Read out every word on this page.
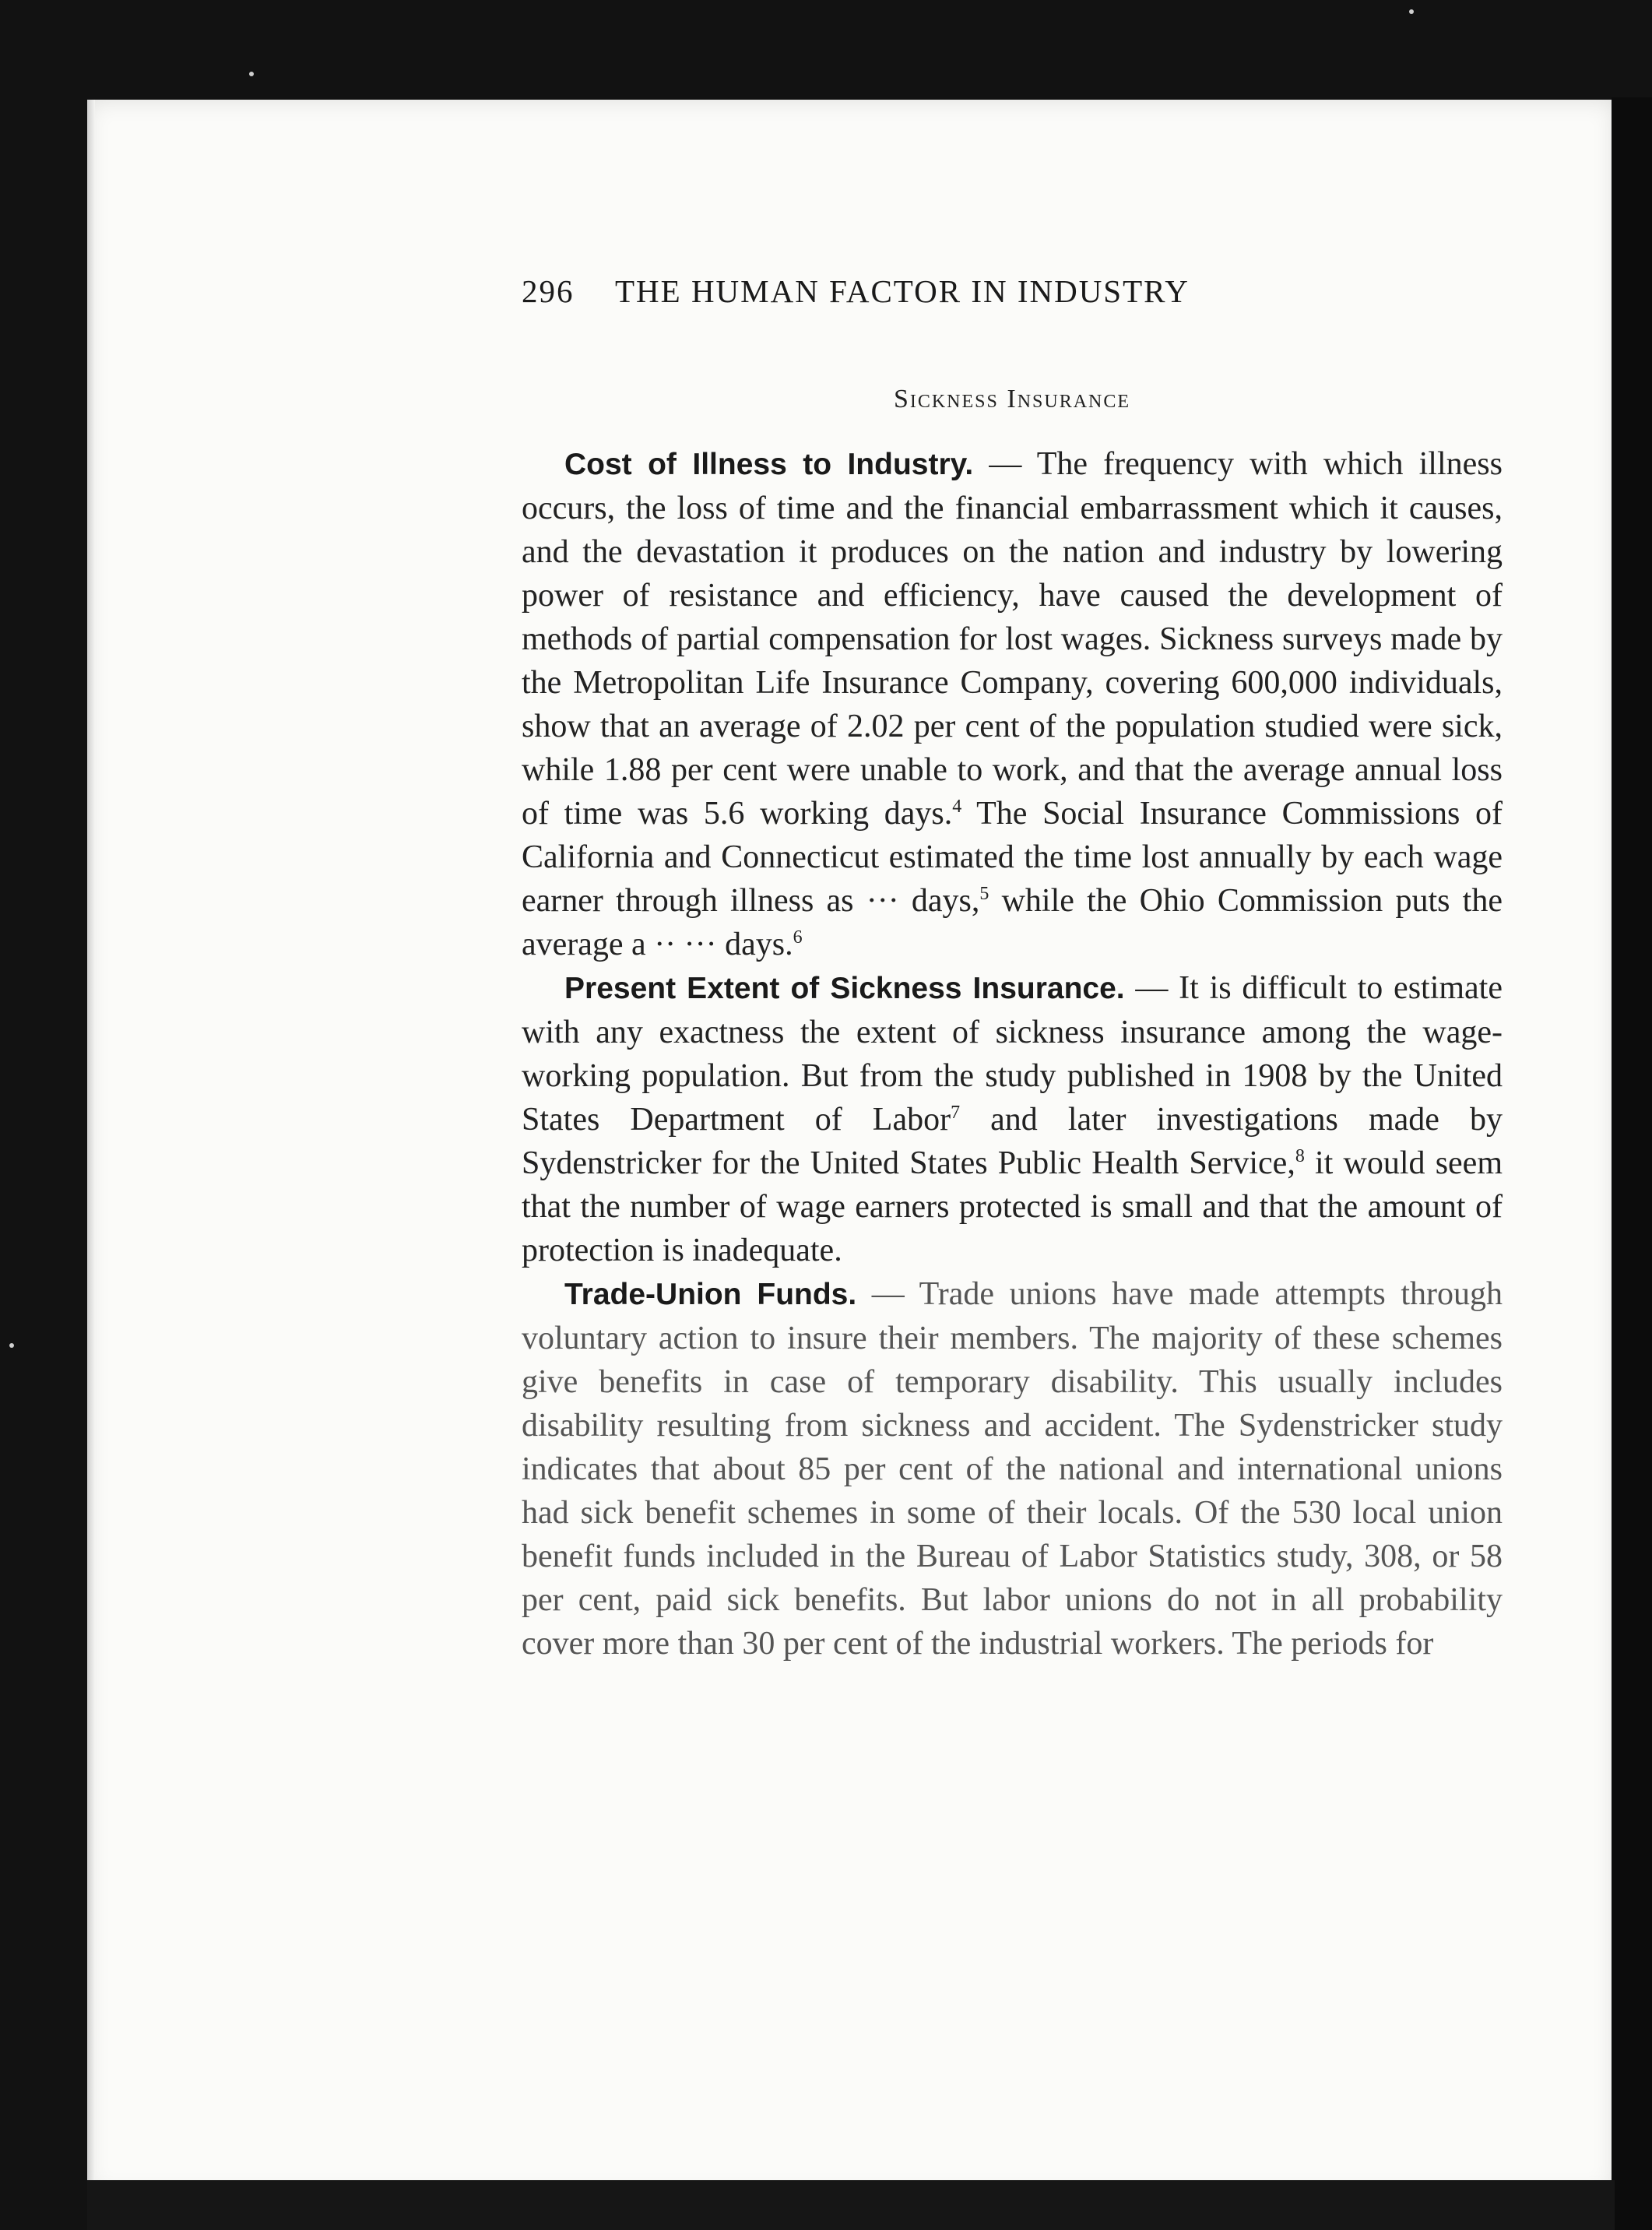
296	THE HUMAN FACTOR IN INDUSTRY
Sickness Insurance

Cost of Illness to Industry. — The frequency with which illness occurs, the loss of time and the financial embarrassment which it causes, and the devastation it produces on the nation and industry by lowering power of resistance and efficiency, have caused the development of methods of partial compensation for lost wages. Sickness surveys made by the Metropolitan Life Insurance Company, covering 600,000 individuals, show that an average of 2.02 per cent of the population studied were sick, while 1.88 per cent were unable to work, and that the average annual loss of time was 5.6 working days.$^4$ The Social Insurance Commissions of California and Connecticut estimated the time lost annually by each wage earner through illness as ··· days,$^5$ while the Ohio Commission puts the average a ·· ··· days.$^6$

Present Extent of Sickness Insurance. — It is difficult to estimate with any exactness the extent of sickness insurance among the wage-working population. But from the study published in 1908 by the United States Department of Labor$^7$ and later investigations made by Sydenstricker for the United States Public Health Service,$^8$ it would seem that the number of wage earners protected is small and that the amount of protection is inadequate.

Trade-Union Funds. — Trade unions have made attempts through voluntary action to insure their members. The majority of these schemes give benefits in case of temporary disability. This usually includes disability resulting from sickness and accident. The Sydenstricker study indicates that about 85 per cent of the national and international unions had sick benefit schemes in some of their locals. Of the 530 local union benefit funds included in the Bureau of Labor Statistics study, 308, or 58 per cent, paid sick benefits. But labor unions do not in all probability cover more than 30 per cent of the industrial workers. The periods for
